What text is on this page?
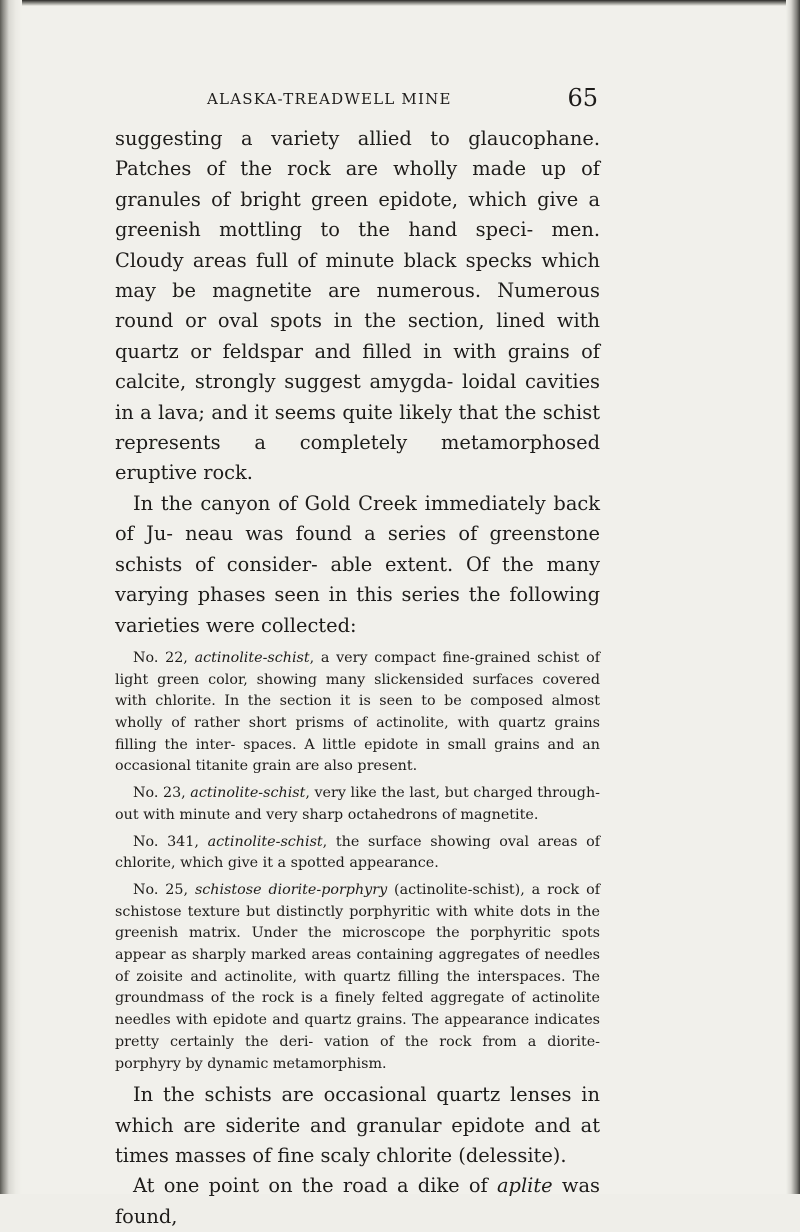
ALASKA-TREADWELL MINE	65

suggesting a variety allied to glaucophane. Patches of the rock are wholly made up of granules of bright green epidote, which give a greenish mottling to the hand speci- men. Cloudy areas full of minute black specks which may be magnetite are numerous. Numerous round or oval spots in the section, lined with quartz or feldspar and filled in with grains of calcite, strongly suggest amygda- loidal cavities in a lava; and it seems quite likely that the schist represents a completely metamorphosed eruptive rock.

In the canyon of Gold Creek immediately back of Ju- neau was found a series of greenstone schists of consider- able extent. Of the many varying phases seen in this series the following varieties were collected:

No. 22, actinolite-schist, a very compact fine-grained schist of light green color, showing many slickensided surfaces covered with chlorite. In the section it is seen to be composed almost wholly of rather short prisms of actinolite, with quartz grains filling the inter- spaces. A little epidote in small grains and an occasional titanite grain are also present.

No. 23, actinolite-schist, very like the last, but charged through- out with minute and very sharp octahedrons of magnetite.

No. 341, actinolite-schist, the surface showing oval areas of chlorite, which give it a spotted appearance.

No. 25, schistose diorite-porphyry (actinolite-schist), a rock of schistose texture but distinctly porphyritic with white dots in the greenish matrix. Under the microscope the porphyritic spots appear as sharply marked areas containing aggregates of needles of zoisite and actinolite, with quartz filling the interspaces. The groundmass of the rock is a finely felted aggregate of actinolite needles with epidote and quartz grains. The appearance indicates pretty certainly the deri- vation of the rock from a diorite-porphyry by dynamic metamorphism.

In the schists are occasional quartz lenses in which are siderite and granular epidote and at times masses of fine scaly chlorite (delessite).

At one point on the road a dike of aplite was found,
